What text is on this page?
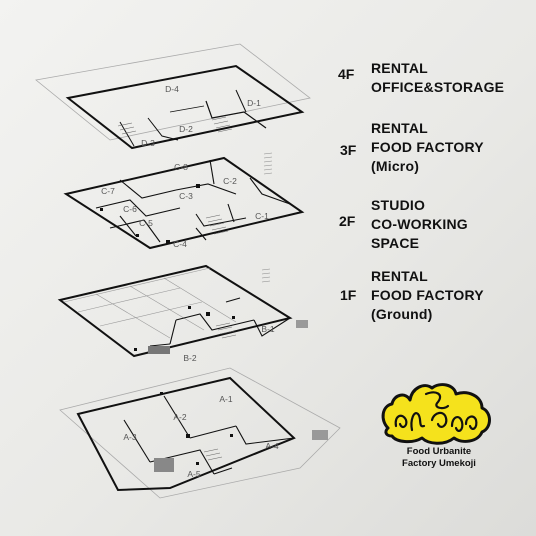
D-4
D-1
D-2
D-3
C-8
C-7
C-2
C-3
C-6
C-5
C-1
C-4
B-1
B-2
A-1
A-2
A-3
A-4
A-5
4F RENTAL
OFFICE&STORAGE
3F
RENTAL
FOOD FACTORY
(Micro)
2F
STUDIO
CO-WORKING
SPACE
1F
RENTAL
FOOD FACTORY
(Ground)
Food Urbanite
Factory Umekoji
